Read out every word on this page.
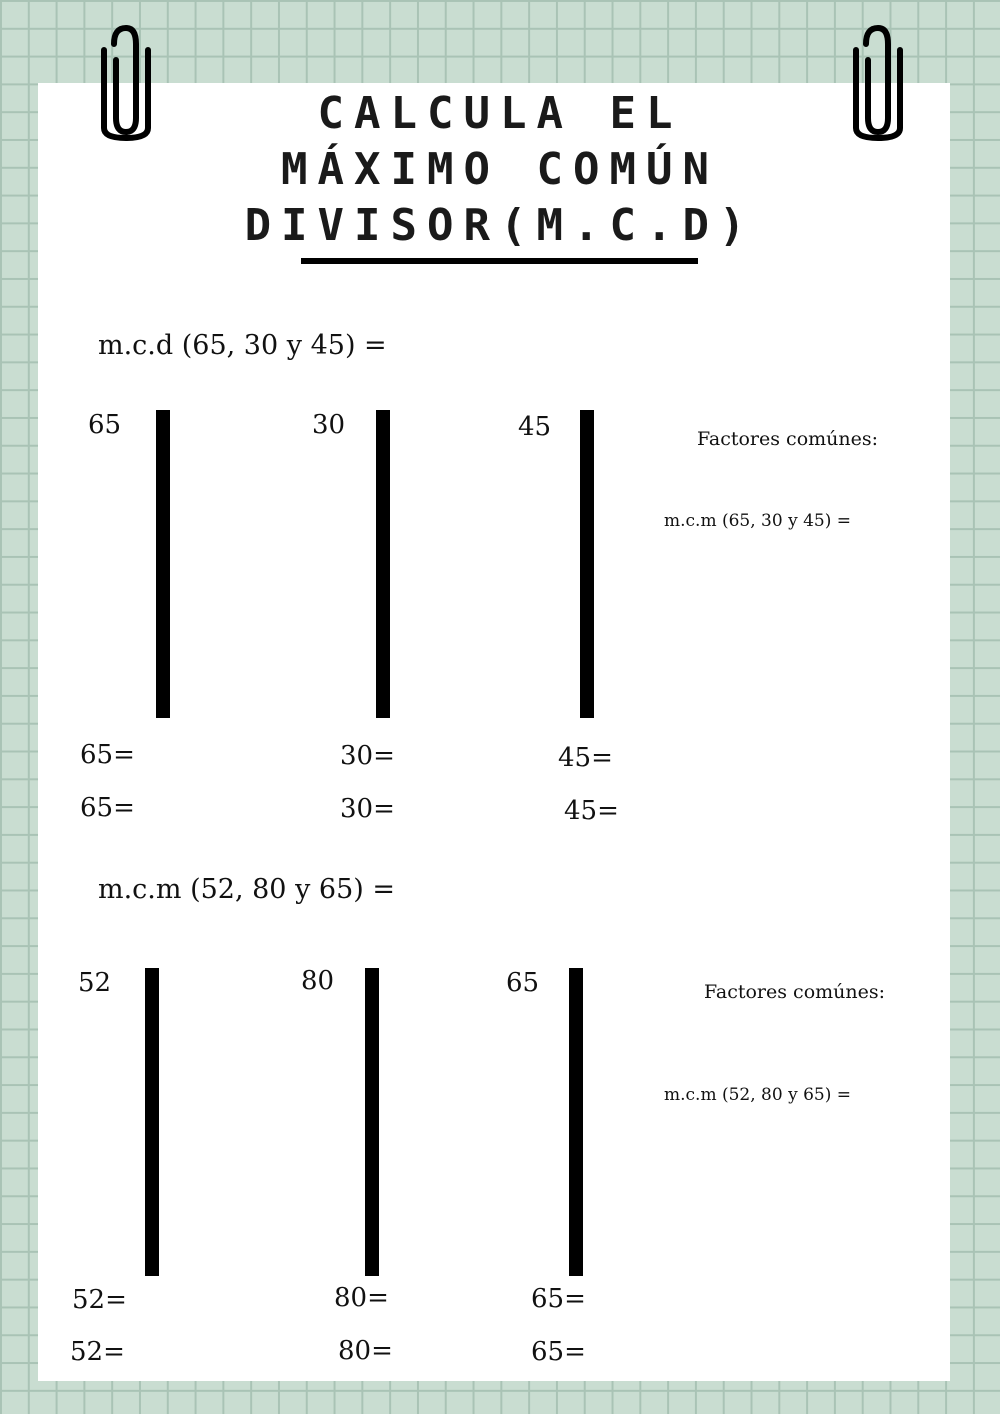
CALCULA EL
MÁXIMO COMÚN
DIVISOR(M.C.D)
m.c.d (65, 30 y 45) =
65	30	45	Factores comúnes:
m.c.m (65, 30 y 45) =
65=	30=	45=
65=	30=	45=
m.c.m (52, 80 y 65) =
52	80	65	Factores comúnes:
m.c.m (52, 80 y 65) =
52=	80=	65=
52=	80=	65=
